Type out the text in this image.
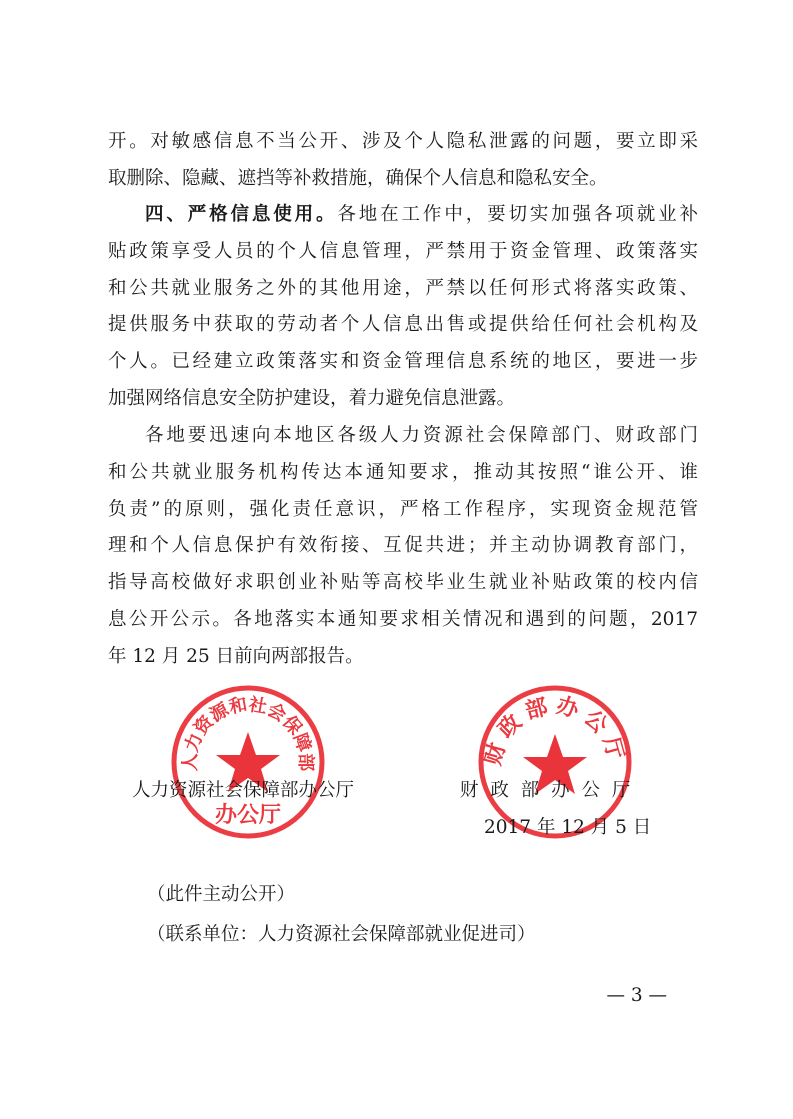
开。对敏感信息不当公开、涉及个人隐私泄露的问题，要立即采
取删除、隐藏、遮挡等补救措施，确保个人信息和隐私安全。
四、严格信息使用。各地在工作中，要切实加强各项就业补
贴政策享受人员的个人信息管理，严禁用于资金管理、政策落实
和公共就业服务之外的其他用途，严禁以任何形式将落实政策、
提供服务中获取的劳动者个人信息出售或提供给任何社会机构及
个人。已经建立政策落实和资金管理信息系统的地区，要进一步
加强网络信息安全防护建设，着力避免信息泄露。
各地要迅速向本地区各级人力资源社会保障部门、财政部门
和公共就业服务机构传达本通知要求，推动其按照“谁公开、谁
负责”的原则，强化责任意识，严格工作程序，实现资金规范管
理和个人信息保护有效衔接、互促共进；并主动协调教育部门，
指导高校做好求职创业补贴等高校毕业生就业补贴政策的校内信
息公开公示。各地落实本通知要求相关情况和遇到的问题，2017
年 12 月 25 日前向两部报告。
人力资源和社会保障部
办公厅
财政部办公厅
人力资源社会保障部办公厅	财 政 部 办 公 厅
2017 年 12 月 5 日
（此件主动公开）
（联系单位：人力资源社会保障部就业促进司）
— 3 —
